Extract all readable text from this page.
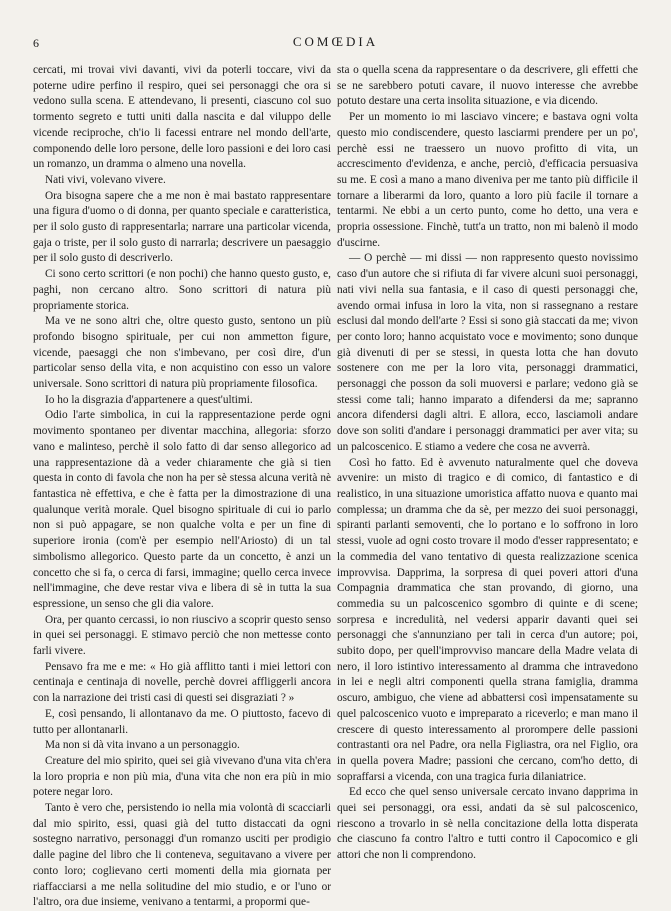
6	COMŒDIA

cercati, mi trovai vivi davanti, vivi da poterli toccare, vivi da poterne udire perfino il respiro, quei sei personaggi che ora si vedono sulla scena. E attendevano, li presenti, ciascuno col suo tormento segreto e tutti uniti dalla nascita e dal viluppo delle vicende reciproche, ch'io li facessi entrare nel mondo dell'arte, componendo delle loro persone, delle loro passioni e dei loro casi un romanzo, un dramma o almeno una novella.

Nati vivi, volevano vivere.

Ora bisogna sapere che a me non è mai bastato rappresentare una figura d'uomo o di donna, per quanto speciale e caratteristica, per il solo gusto di rappresentarla; narrare una particolar vicenda, gaja o triste, per il solo gusto di narrarla; descrivere un paesaggio per il solo gusto di descriverlo.

Ci sono certo scrittori (e non pochi) che hanno questo gusto, e, paghi, non cercano altro. Sono scrittori di natura più propriamente storica.

Ma ve ne sono altri che, oltre questo gusto, sentono un più profondo bisogno spirituale, per cui non ammetton figure, vicende, paesaggi che non s'imbevano, per così dire, d'un particolar senso della vita, e non acquistino con esso un valore universale. Sono scrittori di natura più propriamente filosofica.

Io ho la disgrazia d'appartenere a quest'ultimi.

Odio l'arte simbolica, in cui la rappresentazione perde ogni movimento spontaneo per diventar macchina, allegoria: sforzo vano e malinteso, perchè il solo fatto di dar senso allegorico ad una rappresentazione dà a veder chiaramente che già si tien questa in conto di favola che non ha per sè stessa alcuna verità nè fantastica nè effettiva, e che è fatta per la dimostrazione di una qualunque verità morale. Quel bisogno spirituale di cui io parlo non si può appagare, se non qualche volta e per un fine di superiore ironia (com'è per esempio nell'Ariosto) di un tal simbolismo allegorico. Questo parte da un concetto, è anzi un concetto che si fa, o cerca di farsi, immagine; quello cerca invece nell'immagine, che deve restar viva e libera di sè in tutta la sua espressione, un senso che gli dia valore.

Ora, per quanto cercassi, io non riuscivo a scoprir questo senso in quei sei personaggi. E stimavo perciò che non mettesse conto farli vivere.

Pensavo fra me e me: « Ho già afflitto tanti i miei lettori con centinaja e centinaja di novelle, perchè dovrei affliggerli ancora con la narrazione dei tristi casi di questi sei disgraziati ? »

E, così pensando, li allontanavo da me. O piuttosto, facevo di tutto per allontanarli.

Ma non si dà vita invano a un personaggio.

Creature del mio spirito, quei sei già vivevano d'una vita ch'era la loro propria e non più mia, d'una vita che non era più in mio potere negar loro.

Tanto è vero che, persistendo io nella mia volontà di scacciarli dal mio spirito, essi, quasi già del tutto distaccati da ogni sostegno narrativo, personaggi d'un romanzo usciti per prodigio dalle pagine del libro che li conteneva, seguitavano a vivere per conto loro; coglievano certi momenti della mia giornata per riaffacciarsi a me nella solitudine del mio studio, e or l'uno or l'altro, ora due insieme, venivano a tentarmi, a propormi que-

sta o quella scena da rappresentare o da descrivere, gli effetti che se ne sarebbero potuti cavare, il nuovo interesse che avrebbe potuto destare una certa insolita situazione, e via dicendo.

Per un momento io mi lasciavo vincere; e bastava ogni volta questo mio condiscendere, questo lasciarmi prendere per un po', perchè essi ne traessero un nuovo profitto di vita, un accrescimento d'evidenza, e anche, perciò, d'efficacia persuasiva su me. E così a mano a mano diveniva per me tanto più difficile il tornare a liberarmi da loro, quanto a loro più facile il tornare a tentarmi. Ne ebbi a un certo punto, come ho detto, una vera e propria ossessione. Finchè, tutt'a un tratto, non mi balenò il modo d'uscirne.

— O perchè — mi dissi — non rappresento questo novissimo caso d'un autore che si rifiuta di far vivere alcuni suoi personaggi, nati vivi nella sua fantasia, e il caso di questi personaggi che, avendo ormai infusa in loro la vita, non si rassegnano a restare esclusi dal mondo dell'arte ? Essi si sono già staccati da me; vivon per conto loro; hanno acquistato voce e movimento; sono dunque già divenuti di per se stessi, in questa lotta che han dovuto sostenere con me per la loro vita, personaggi drammatici, personaggi che posson da soli muoversi e parlare; vedono già se stessi come tali; hanno imparato a difendersi da me; sapranno ancora difendersi dagli altri. E allora, ecco, lasciamoli andare dove son soliti d'andare i personaggi drammatici per aver vita; su un palcoscenico. E stiamo a vedere che cosa ne avverrà.

Così ho fatto. Ed è avvenuto naturalmente quel che doveva avvenire: un misto di tragico e di comico, di fantastico e di realistico, in una situazione umoristica affatto nuova e quanto mai complessa; un dramma che da sè, per mezzo dei suoi personaggi, spiranti parlanti semoventi, che lo portano e lo soffrono in loro stessi, vuole ad ogni costo trovare il modo d'esser rappresentato; e la commedia del vano tentativo di questa realizzazione scenica improvvisa. Dapprima, la sorpresa di quei poveri attori d'una Compagnia drammatica che stan provando, di giorno, una commedia su un palcoscenico sgombro di quinte e di scene; sorpresa e incredulità, nel vedersi apparir davanti quei sei personaggi che s'annunziano per tali in cerca d'un autore; poi, subito dopo, per quell'improvviso mancare della Madre velata di nero, il loro istintivo interessamento al dramma che intravedono in lei e negli altri componenti quella strana famiglia, dramma oscuro, ambiguo, che viene ad abbattersi così impensatamente su quel palcoscenico vuoto e impreparato a riceverlo; e man mano il crescere di questo interessamento al prorompere delle passioni contrastanti ora nel Padre, ora nella Figliastra, ora nel Figlio, ora in quella povera Madre; passioni che cercano, com'ho detto, di sopraffarsi a vicenda, con una tragica furia dilaniatrice.

Ed ecco che quel senso universale cercato invano dapprima in quei sei personaggi, ora essi, andati da sè sul palcoscenico, riescono a trovarlo in sè nella concitazione della lotta disperata che ciascuno fa contro l'altro e tutti contro il Capocomico e gli attori che non li comprendono.
